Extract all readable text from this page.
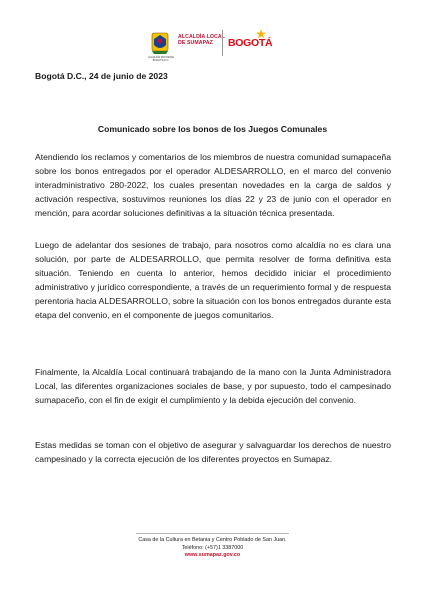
ALCALDÍA MAYOR DE BOGOTÁ D.C.
ALCALDÍA LOCAL
DE SUMAPAZ	BOGOTÁ
Bogotá D.C., 24 de junio de 2023
Comunicado sobre los bonos de los Juegos Comunales

Atendiendo los reclamos y comentarios de los miembros de nuestra comunidad sumapaceña sobre los bonos entregados por el operador ALDESARROLLO, en el marco del convenio interadministrativo 280-2022, los cuales presentan novedades en la carga de saldos y activación respectiva, sostuvimos reuniones los días 22 y 23 de junio con el operador en mención, para acordar soluciones definitivas a la situación técnica presentada.

Luego de adelantar dos sesiones de trabajo, para nosotros como alcaldía no es clara una solución, por parte de ALDESARROLLO, que permita resolver de forma definitiva esta situación. Teniendo en cuenta lo anterior, hemos decidido iniciar el procedimiento administrativo y jurídico correspondiente, a través de un requerimiento formal y de respuesta perentoria hacia ALDESARROLLO, sobre la situación con los bonos entregados durante esta etapa del convenio, en el componente de juegos comunitarios.

Finalmente, la Alcaldía Local continuará trabajando de la mano con la Junta Administradora Local, las diferentes organizaciones sociales de base, y por supuesto, todo el campesinado sumapaceño, con el fin de exigir el cumplimiento y la debida ejecución del convenio.

Estas medidas se toman con el objetivo de asegurar y salvaguardar los derechos de nuestro campesinado y la correcta ejecución de los diferentes proyectos en Sumapaz.

Casa de la Cultura en Betania y Centro Poblado de San Juan.
Teléfono: (+57)1 3387000
www.sumapaz.gov.co
